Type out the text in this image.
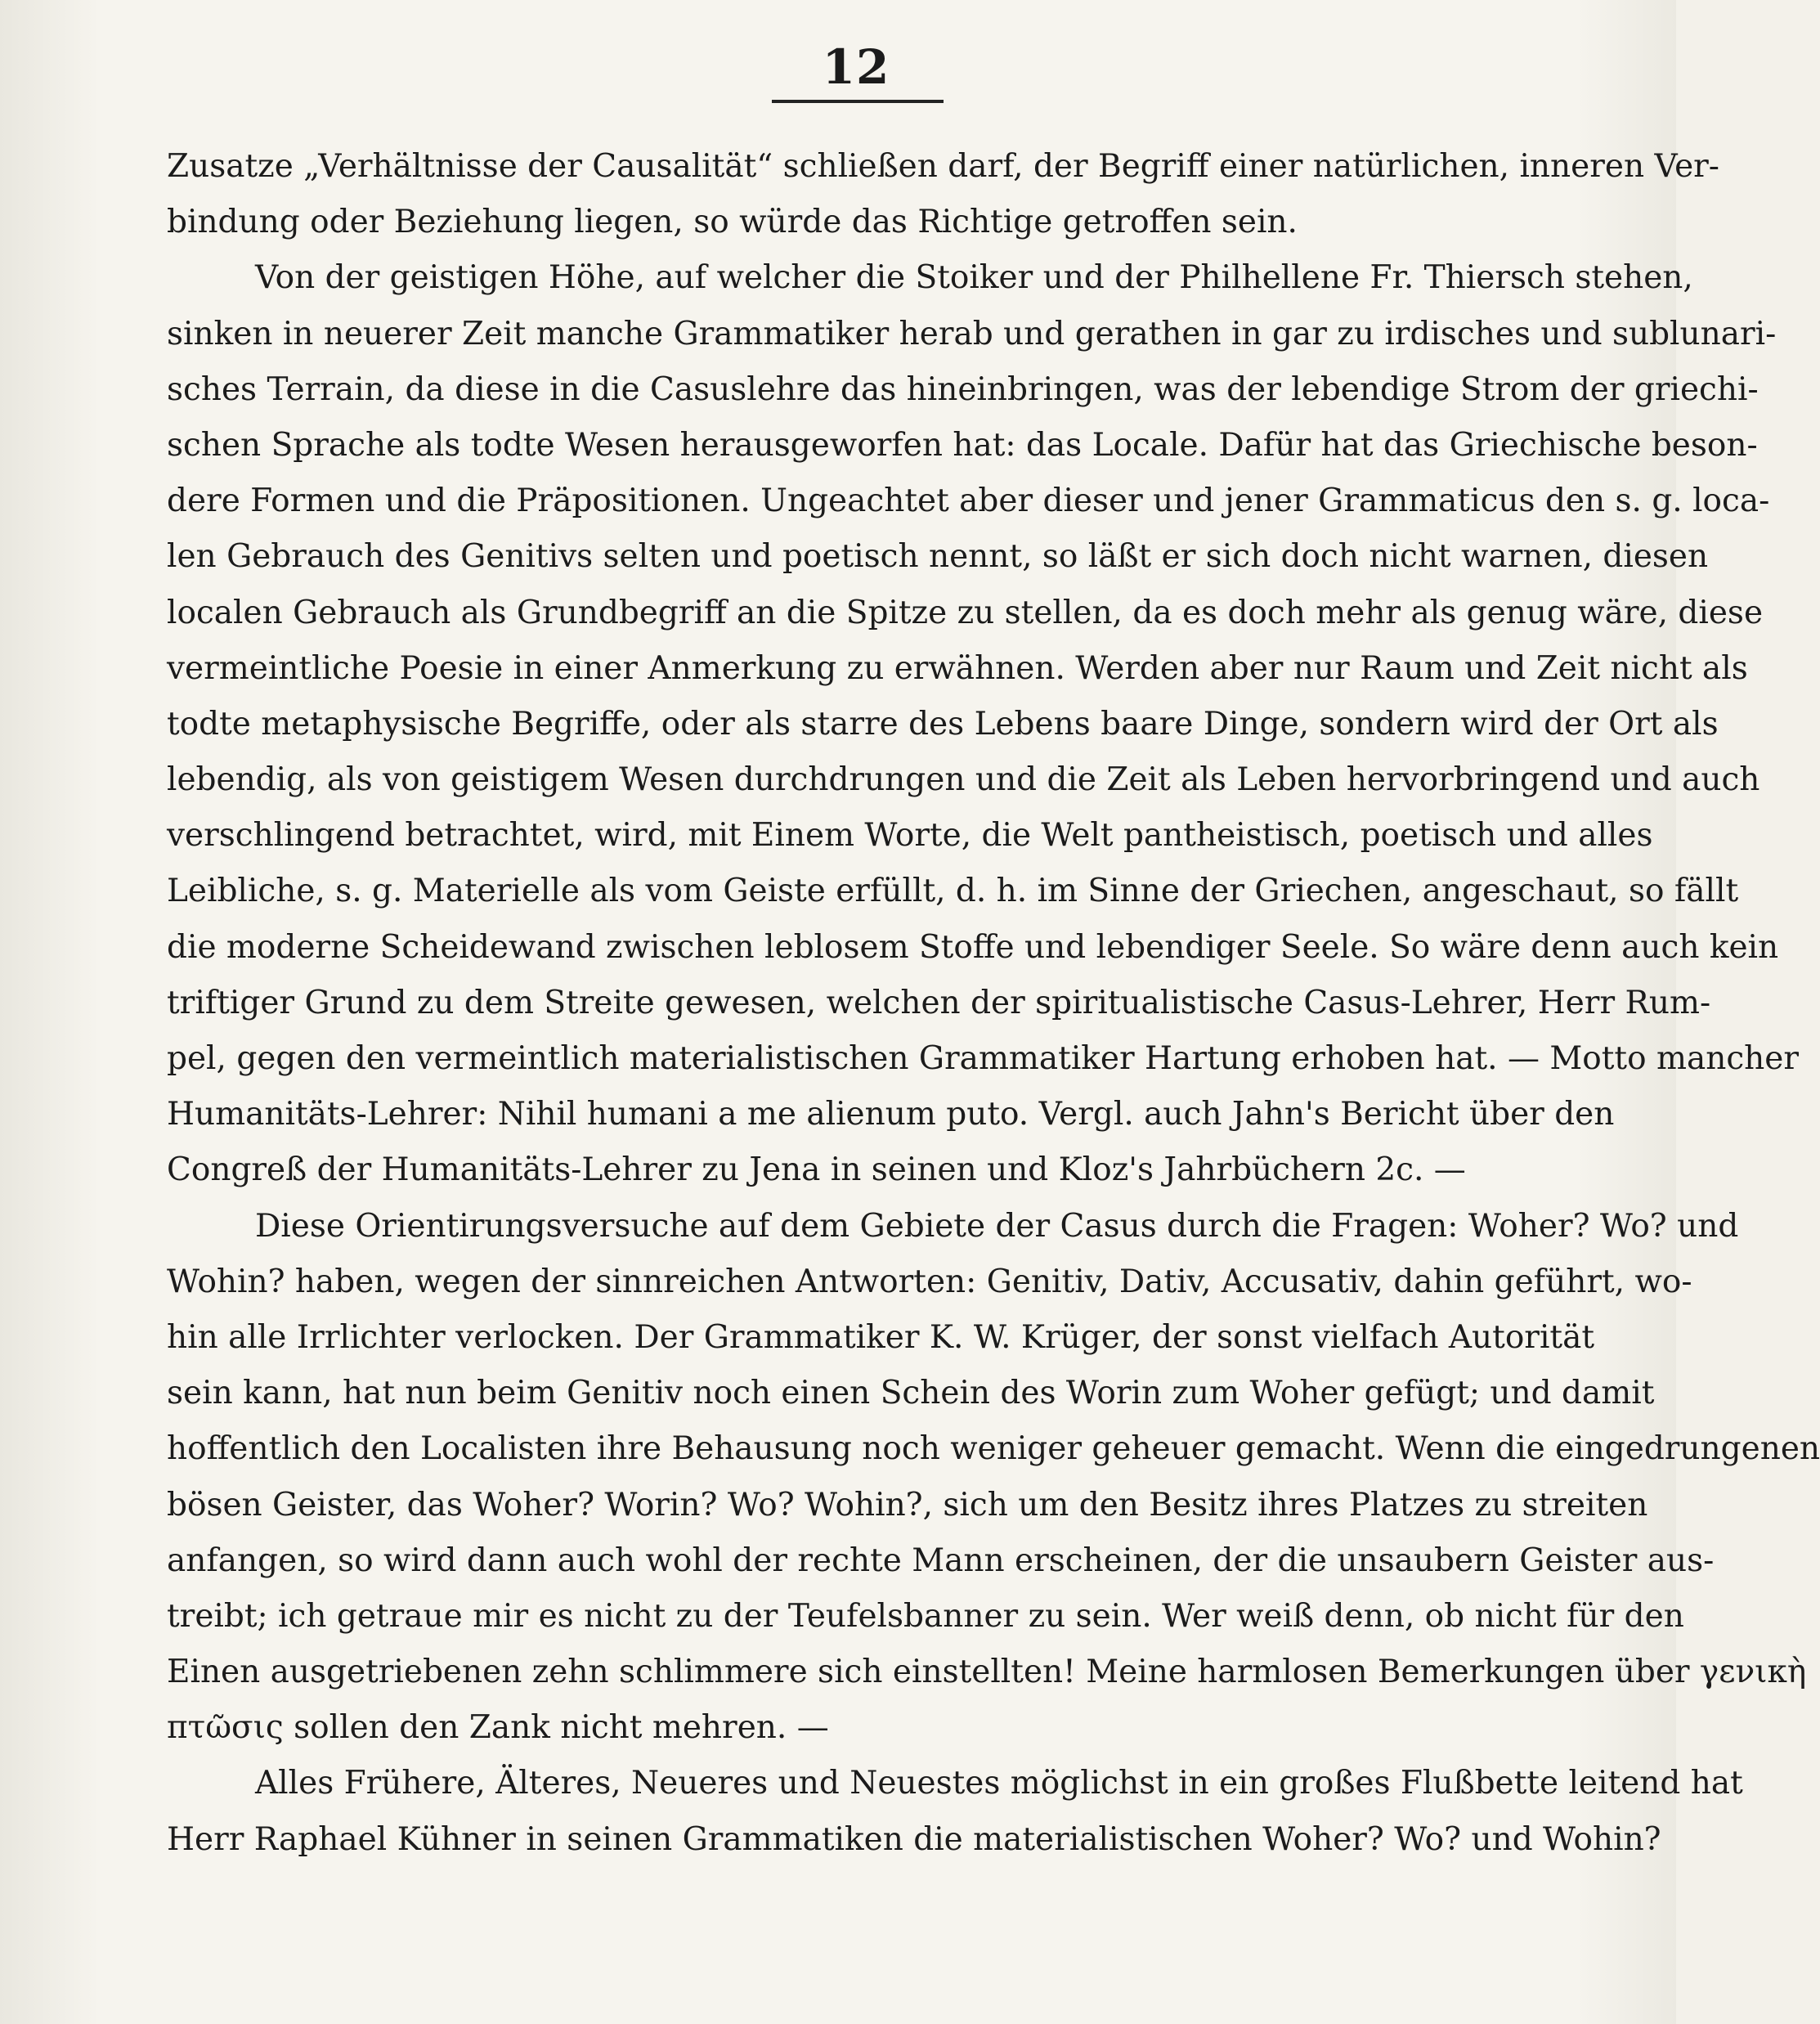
12
Zusatze „Verhältnisse der Causalität“ schließen darf, der Begriff einer natürlichen, inneren Ver-
bindung oder Beziehung liegen, so würde das Richtige getroffen sein.
Von der geistigen Höhe, auf welcher die Stoiker und der Philhellene Fr. Thiersch stehen,
sinken in neuerer Zeit manche Grammatiker herab und gerathen in gar zu irdisches und sublunari-
sches Terrain, da diese in die Casuslehre das hineinbringen, was der lebendige Strom der griechi-
schen Sprache als todte Wesen herausgeworfen hat: das Locale. Dafür hat das Griechische beson-
dere Formen und die Präpositionen. Ungeachtet aber dieser und jener Grammaticus den s. g. loca-
len Gebrauch des Genitivs selten und poetisch nennt, so läßt er sich doch nicht warnen, diesen
localen Gebrauch als Grundbegriff an die Spitze zu stellen, da es doch mehr als genug wäre, diese
vermeintliche Poesie in einer Anmerkung zu erwähnen. Werden aber nur Raum und Zeit nicht als
todte metaphysische Begriffe, oder als starre des Lebens baare Dinge, sondern wird der Ort als
lebendig, als von geistigem Wesen durchdrungen und die Zeit als Leben hervorbringend und auch
verschlingend betrachtet, wird, mit Einem Worte, die Welt pantheistisch, poetisch und alles
Leibliche, s. g. Materielle als vom Geiste erfüllt, d. h. im Sinne der Griechen, angeschaut, so fällt
die moderne Scheidewand zwischen leblosem Stoffe und lebendiger Seele. So wäre denn auch kein
triftiger Grund zu dem Streite gewesen, welchen der spiritualistische Casus-Lehrer, Herr Rum-
pel, gegen den vermeintlich materialistischen Grammatiker Hartung erhoben hat. — Motto mancher
Humanitäts-Lehrer: Nihil humani a me alienum puto. Vergl. auch Jahn's Bericht über den
Congreß der Humanitäts-Lehrer zu Jena in seinen und Kloz's Jahrbüchern 2c. —
Diese Orientirungsversuche auf dem Gebiete der Casus durch die Fragen: Woher? Wo? und
Wohin? haben, wegen der sinnreichen Antworten: Genitiv, Dativ, Accusativ, dahin geführt, wo-
hin alle Irrlichter verlocken. Der Grammatiker K. W. Krüger, der sonst vielfach Autorität
sein kann, hat nun beim Genitiv noch einen Schein des Worin zum Woher gefügt; und damit
hoffentlich den Localisten ihre Behausung noch weniger geheuer gemacht. Wenn die eingedrungenen
bösen Geister, das Woher? Worin? Wo? Wohin?, sich um den Besitz ihres Platzes zu streiten
anfangen, so wird dann auch wohl der rechte Mann erscheinen, der die unsaubern Geister aus-
treibt; ich getraue mir es nicht zu der Teufelsbanner zu sein. Wer weiß denn, ob nicht für den
Einen ausgetriebenen zehn schlimmere sich einstellten! Meine harmlosen Bemerkungen über γενικὴ
πτῶσις sollen den Zank nicht mehren. —
Alles Frühere, Älteres, Neueres und Neuestes möglichst in ein großes Flußbette leitend hat
Herr Raphael Kühner in seinen Grammatiken die materialistischen Woher? Wo? und Wohin?
